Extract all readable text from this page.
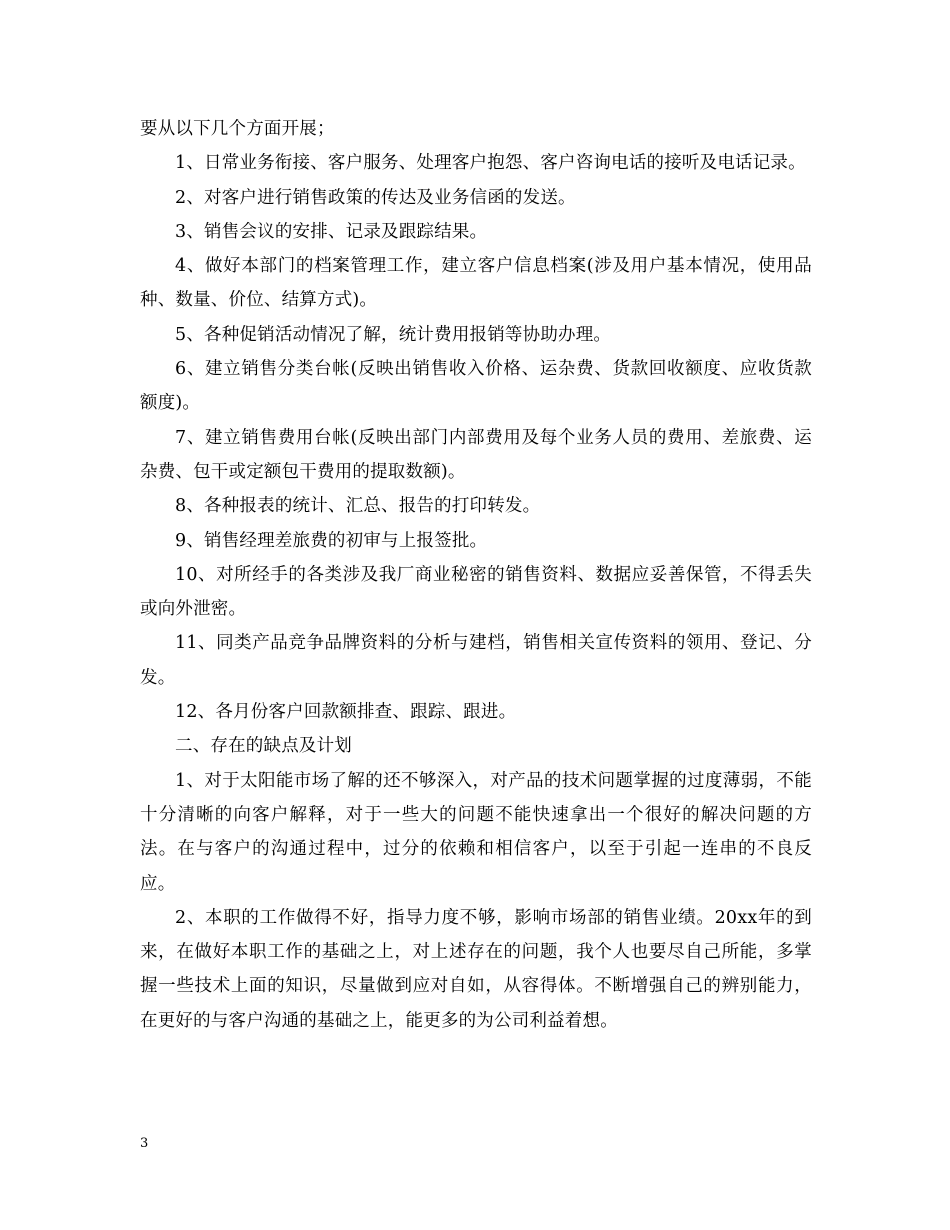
要从以下几个方面开展；

1、日常业务衔接、客户服务、处理客户抱怨、客户咨询电话的接听及电话记录。

2、对客户进行销售政策的传达及业务信函的发送。

3、销售会议的安排、记录及跟踪结果。

4、做好本部门的档案管理工作，建立客户信息档案(涉及用户基本情况，使用品种、数量、价位、结算方式)。

5、各种促销活动情况了解，统计费用报销等协助办理。

6、建立销售分类台帐(反映出销售收入价格、运杂费、货款回收额度、应收货款额度)。

7、建立销售费用台帐(反映出部门内部费用及每个业务人员的费用、差旅费、运杂费、包干或定额包干费用的提取数额)。

8、各种报表的统计、汇总、报告的打印转发。

9、销售经理差旅费的初审与上报签批。

10、对所经手的各类涉及我厂商业秘密的销售资料、数据应妥善保管，不得丢失或向外泄密。

11、同类产品竞争品牌资料的分析与建档，销售相关宣传资料的领用、登记、分发。

12、各月份客户回款额排查、跟踪、跟进。

二、存在的缺点及计划

1、对于太阳能市场了解的还不够深入，对产品的技术问题掌握的过度薄弱，不能十分清晰的向客户解释，对于一些大的问题不能快速拿出一个很好的解决问题的方法。在与客户的沟通过程中，过分的依赖和相信客户，以至于引起一连串的不良反应。

2、本职的工作做得不好，指导力度不够，影响市场部的销售业绩。20xx年的到来，在做好本职工作的基础之上，对上述存在的问题，我个人也要尽自己所能，多掌握一些技术上面的知识，尽量做到应对自如，从容得体。不断增强自己的辨别能力，在更好的与客户沟通的基础之上，能更多的为公司利益着想。

3
